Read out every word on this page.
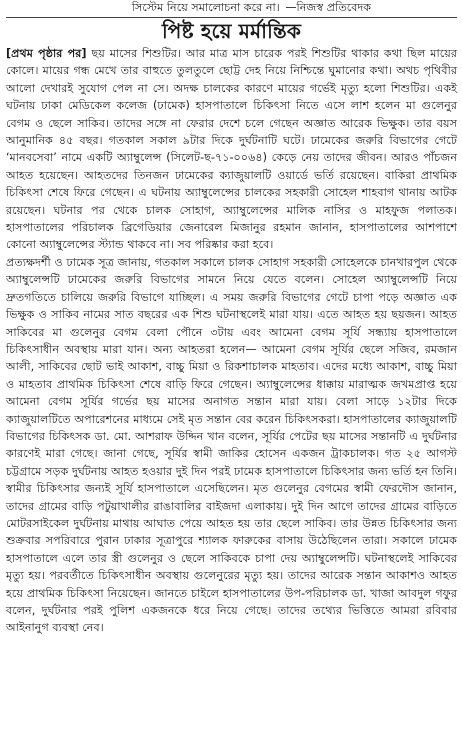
সিস্টেম নিয়ে সমালোচনা করে না। —নিজস্ব প্রতিবেদক
পিষ্ট হয়ে মর্মান্তিক

[প্রথম পৃষ্ঠার পর] ছয় মাসের শিশুটির। আর মাত্র মাস চারেক পরই শিশুটির থাকার কথা ছিল মায়ের কোলে। মায়ের গন্ধ মেখে তার বাহুতে তুলতুলে ছোট্ট দেহ নিয়ে নিশ্চিন্তে ঘুমানোর কথা। অথচ পৃথিবীর আলো দেখারই সুযোগ পেল না সে। অদক্ষ চালকের কারণে মায়ের গর্ভেই মৃত্যু হলো শিশুটির। একই ঘটনায় ঢাকা মেডিকেল কলেজ (ঢামেক) হাসপাতালে চিকিৎসা নিতে এসে লাশ হলেন মা গুলেনুর বেগম ও ছেলে সাকিব। তাদের সঙ্গে না ফেরার দেশে চলে গেছেন অজ্ঞাত আরেক ভিক্ষুক। তার বয়স আনুমানিক ৪৫ বছর। গতকাল সকাল ৯টার দিকে দুর্ঘটনাটি ঘটে। ঢামেকের জরুরি বিভাগের গেটে ‘মানবসেবা’ নামে একটি অ্যাম্বুলেন্স (সিলেট-ছ-৭১-০০৬৪) কেড়ে নেয় তাদের জীবন। আরও পাঁচজন আহত হয়েছেন। আহতদের তিনজন ঢামেকের ক্যাজুয়ালটি ওয়ার্ডে ভর্তি রয়েছেন। বাকিরা প্রাথমিক চিকিৎসা শেষে ফিরে গেছেন। এ ঘটনায় অ্যাম্বুলেন্সের চালকের সহকারী সোহেল শাহবাগ থানায় আটক রয়েছেন। ঘটনার পর থেকে চালক সোহাগ, অ্যাম্বুলেন্সের মালিক নাসির ও মাহফুজ পলাতক। হাসপাতালের পরিচালক ব্রিগেডিয়ার জেনারেল মিজানুর রহমান জানান, হাসপাতালের আশপাশে কোনো অ্যাম্বুলেন্সের স্ট্যান্ড থাকবে না। সব পরিষ্কার করা হবে।

প্রত্যক্ষদর্শী ও ঢামেক সূত্র জানায়, গতকাল সকালে চালক সোহাগ সহকারী সোহেলকে চানখারপুল থেকে অ্যাম্বুলেন্সটি ঢামেকের জরুরি বিভাগের সামনে নিয়ে যেতে বলেন। সোহেল অ্যাম্বুলেন্সটি নিয়ে দ্রুতগতিতে চালিয়ে জরুরি বিভাগে যাচ্ছিল। এ সময় জরুরি বিভাগের গেটে চাপা পড়ে অজ্ঞাত এক ভিক্ষুক ও সাকিব নামের সাত বছরের এক শিশু ঘটনাস্থলেই মারা যায়। এতে আহত হয় ছয়জন। আহত সাকিবের মা গুলেনুর বেগম বেলা পৌনে ৩টায় এবং আমেনা বেগম সূর্যি সন্ধ্যায় হাসপাতালে চিকিৎসাধীন অবস্থায় মারা যান। অন্য আহতরা হলেন— আমেনা বেগম সূর্যির ছেলে সজিব, রমজান আলী, সাকিবের ছোট ভাই আকাশ, বাচ্চু মিয়া ও রিকশাচালক মাহতাব। এদের মধ্যে আকাশ, বাচ্চু মিয়া ও মাহতাব প্রাথমিক চিকিৎসা শেষে বাড়ি ফিরে গেছেন। অ্যাম্বুলেন্সের ধাক্কায় মারাত্মক জখমপ্রাপ্ত হয়ে আমেনা বেগম সূর্যির গর্ভের ছয় মাসের অনাগত সন্তান মারা যায়। বেলা সাড়ে ১২টার দিকে ক্যাজুয়ালটিতে অপারেশনের মাধ্যমে সেই মৃত সন্তান বের করেন চিকিৎসকরা। হাসপাতালের ক্যাজুয়ালটি বিভাগের চিকিৎসক ডা. মো. আশরাফ উদ্দিন খান বলেন, সূর্যির পেটের ছয় মাসের সন্তানটি এ দুর্ঘটনার কারণেই মারা গেছে। জানা গেছে, সূর্যির স্বামী জাকির হোসেন একজন ট্রাকচালক। গত ২৫ আগস্ট চট্টগ্রামে সড়ক দুর্ঘটনায় আহত হওয়ার দুই দিন পরই ঢামেক হাসপাতালে চিকিৎসার জন্য ভর্তি হন তিনি। স্বামীর চিকিৎসার জন্যই সূর্যি হাসপাতালে এসেছিলেন। মৃত গুলেনুর বেগমের স্বামী ফেরদৌস জানান, তাদের গ্রামের বাড়ি পটুয়াখালীর রাঙাবালির বাইজদা এলাকায়। দুই দিন আগে তাদের গ্রামের বাড়িতে মোটরসাইকেল দুর্ঘটনায় মাথায় আঘাত পেয়ে আহত হয় তার ছেলে সাকিব। তার উন্নত চিকিৎসার জন্য শুক্রবার সপরিবারে পুরান ঢাকার সূত্রাপুরে শ্যালক ফারুকের বাসায় উঠেছিলেন তারা। সকালে ঢামেক হাসপাতালে এলে তার স্ত্রী গুলেনুর ও ছেলে সাকিবকে চাপা দেয় অ্যাম্বুলেন্সটি। ঘটনাস্থলেই সাকিবের মৃত্যু হয়। পরবর্তীতে চিকিৎসাধীন অবস্থায় গুলেনুরের মৃত্যু হয়। তাদের আরেক সন্তান আকাশও আহত হয়ে প্রাথমিক চিকিৎসা নিয়েছেন। জানতে চাইলে হাসপাতালের উপ-পরিচালক ডা. খাজা আবদুল গফুর বলেন, দুর্ঘটনার পরই পুলিশ একজনকে ধরে নিয়ে গেছে। তাদের তথ্যের ভিত্তিতে আমরা রবিবার আইনানুগ ব্যবস্থা নেব।
